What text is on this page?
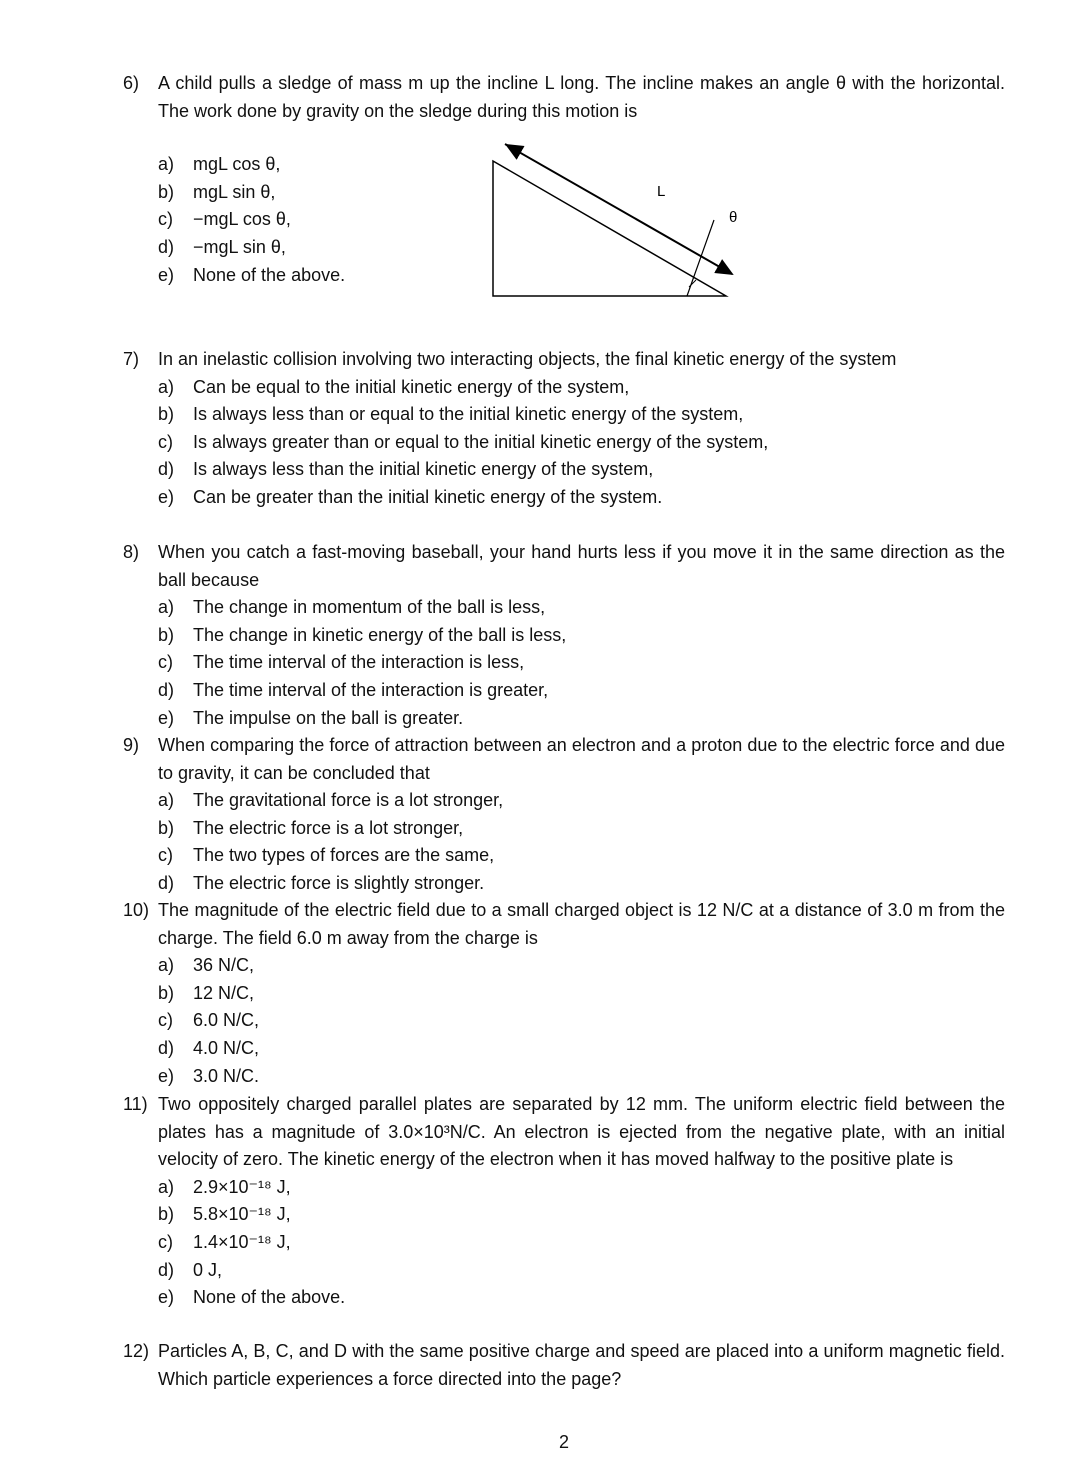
6) A child pulls a sledge of mass m up the incline L long. The incline makes an angle θ with the horizontal. The work done by gravity on the sledge during this motion is
a) mgL cos θ,
b) mgL sin θ,
c) −mgL cos θ,
d) −mgL sin θ,
e) None of the above.
7) In an inelastic collision involving two interacting objects, the final kinetic energy of the system
a) Can be equal to the initial kinetic energy of the system,
b) Is always less than or equal to the initial kinetic energy of the system,
c) Is always greater than or equal to the initial kinetic energy of the system,
d) Is always less than the initial kinetic energy of the system,
e) Can be greater than the initial kinetic energy of the system.
8) When you catch a fast-moving baseball, your hand hurts less if you move it in the same direction as the ball because
a) The change in momentum of the ball is less,
b) The change in kinetic energy of the ball is less,
c) The time interval of the interaction is less,
d) The time interval of the interaction is greater,
e) The impulse on the ball is greater.
9) When comparing the force of attraction between an electron and a proton due to the electric force and due to gravity, it can be concluded that
a) The gravitational force is a lot stronger,
b) The electric force is a lot stronger,
c) The two types of forces are the same,
d) The electric force is slightly stronger.
10) The magnitude of the electric field due to a small charged object is 12 N/C at a distance of 3.0 m from the charge. The field 6.0 m away from the charge is
a) 36 N/C,
b) 12 N/C,
c) 6.0 N/C,
d) 4.0 N/C,
e) 3.0 N/C.
11) Two oppositely charged parallel plates are separated by 12 mm. The uniform electric field between the plates has a magnitude of 3.0×10³N/C. An electron is ejected from the negative plate, with an initial velocity of zero. The kinetic energy of the electron when it has moved halfway to the positive plate is
a) 2.9×10⁻¹⁸ J,
b) 5.8×10⁻¹⁸ J,
c) 1.4×10⁻¹⁸ J,
d) 0 J,
e) None of the above.
12) Particles A, B, C, and D with the same positive charge and speed are placed into a uniform magnetic field. Which particle experiences a force directed into the page?
L
θ
2
